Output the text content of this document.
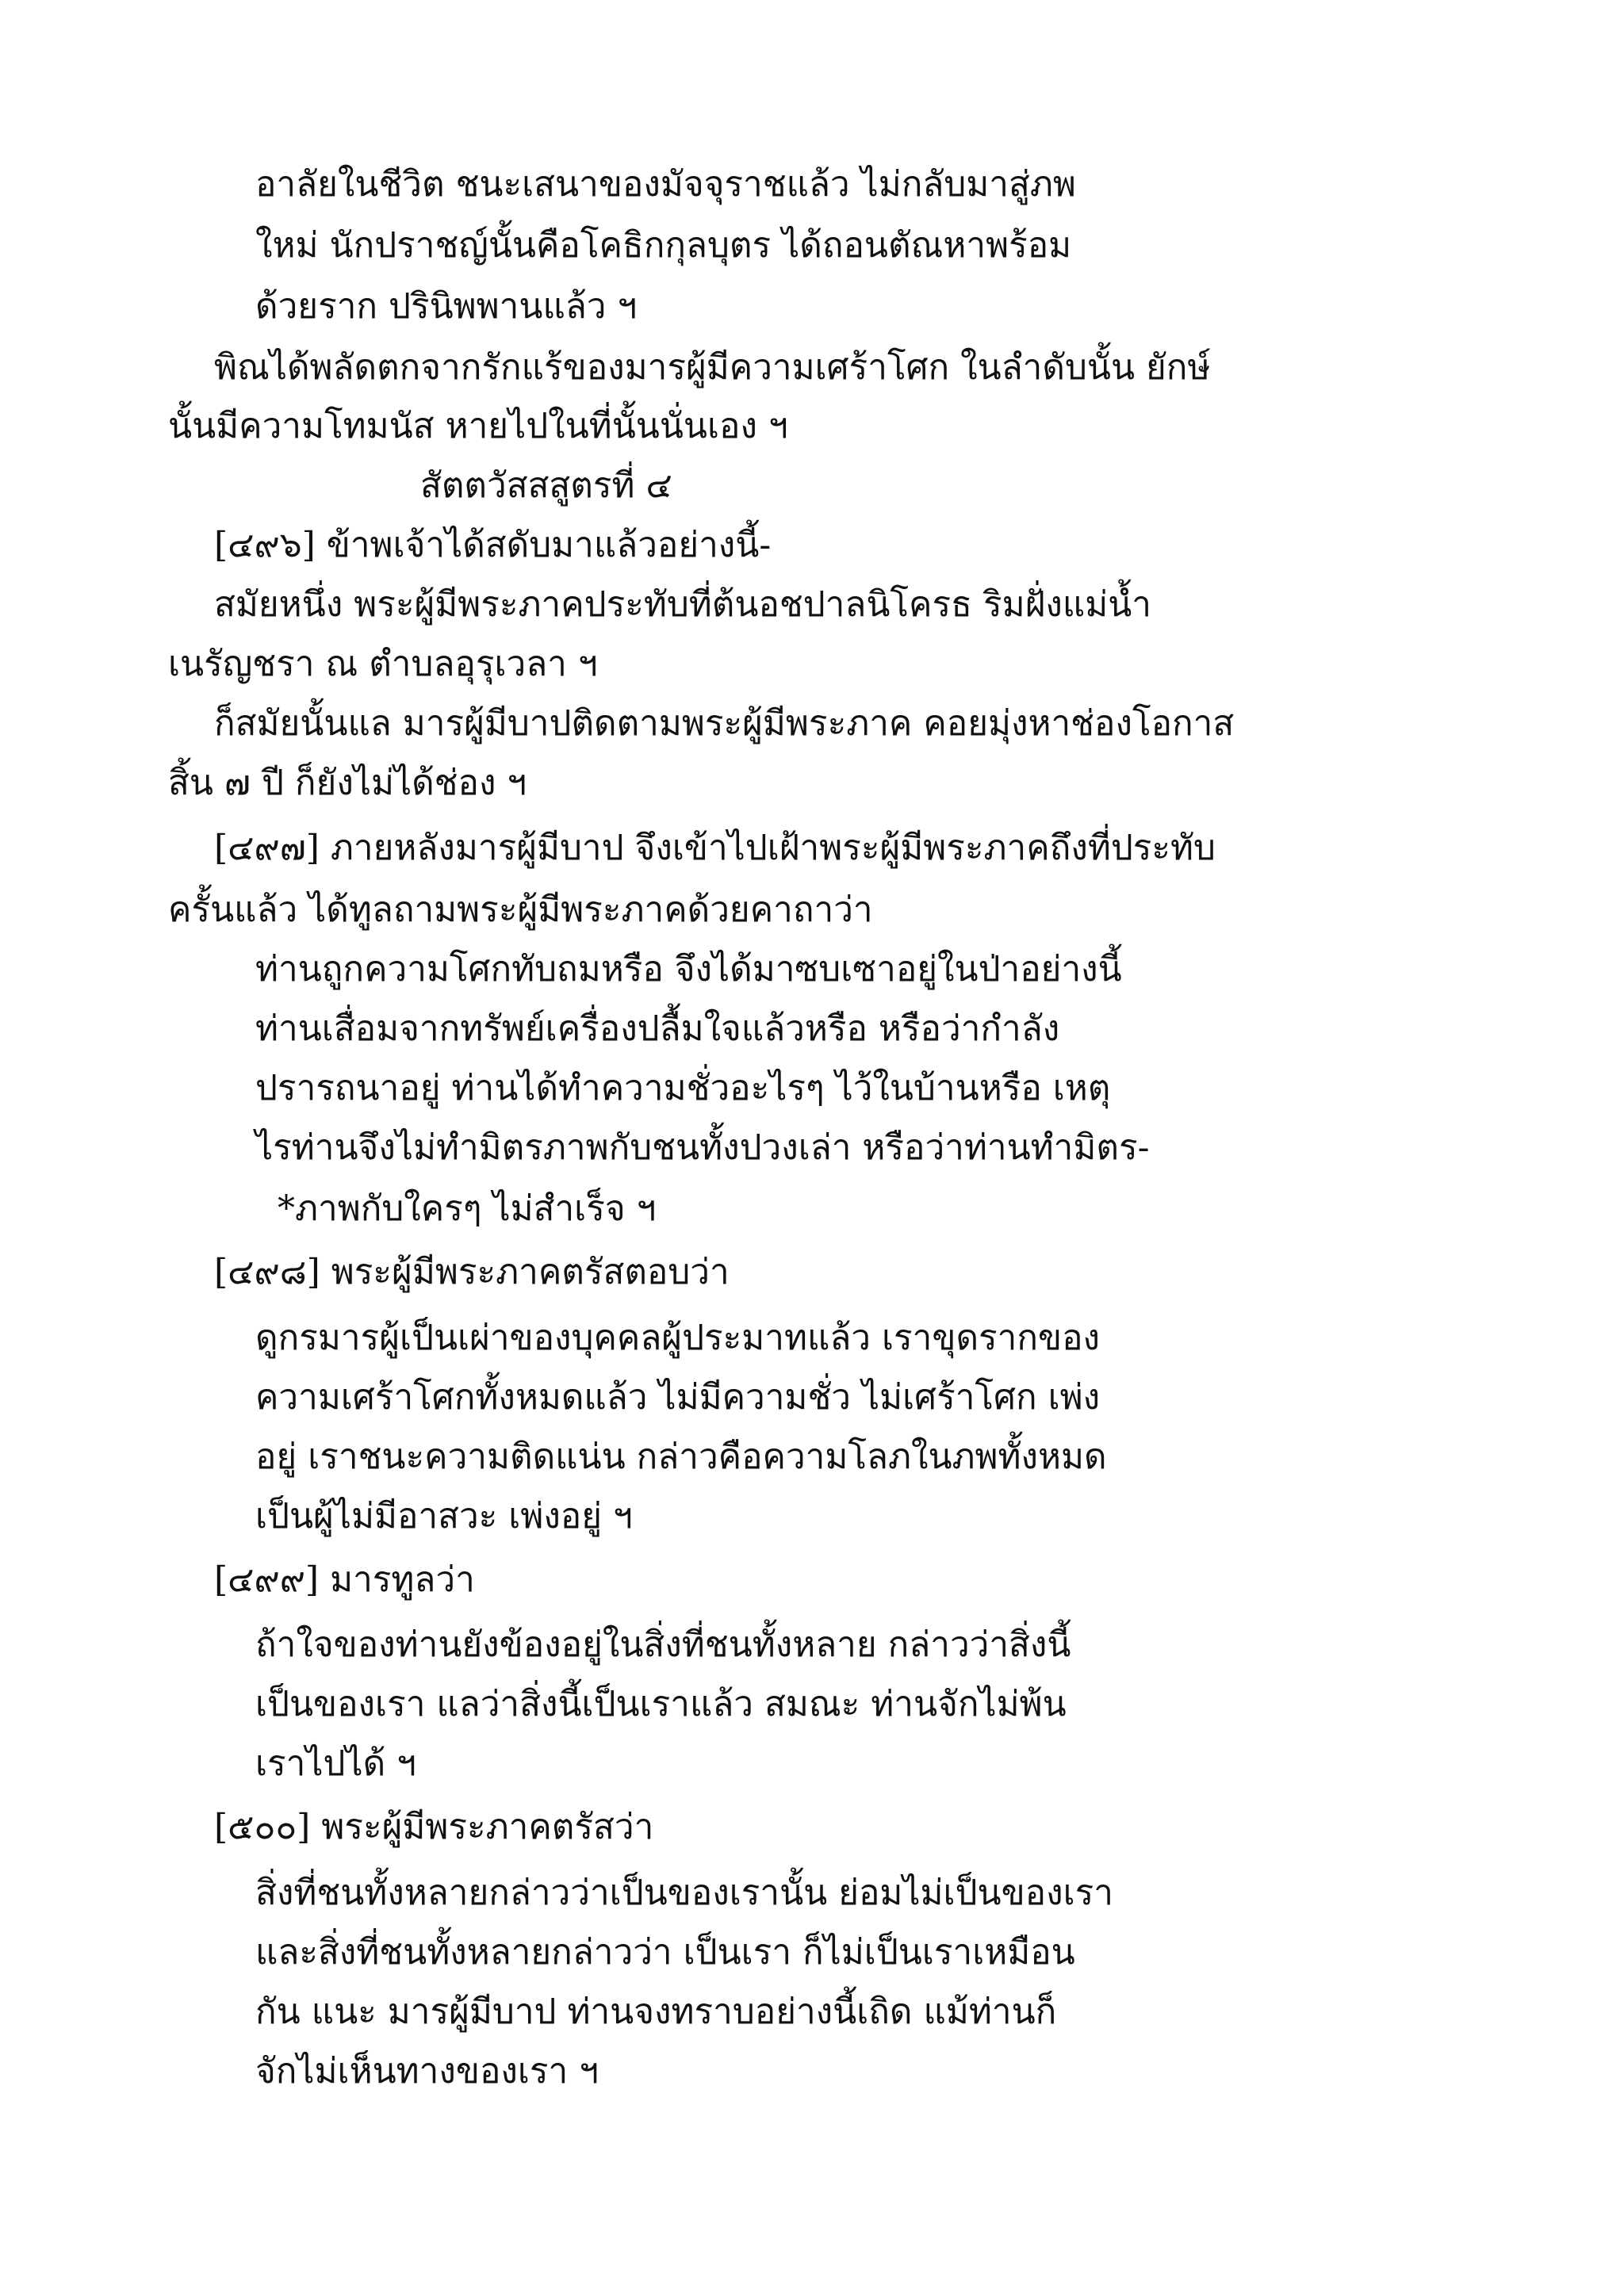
อาลัยในชีวิต ชนะเสนาของมัจจุราชแล้ว ไม่กลับมาสู่ภพ
ใหม่ นักปราชญ์นั้นคือโคธิกกุลบุตร ได้ถอนตัณหาพร้อม
ด้วยราก ปรินิพพานแล้ว ฯ
พิณได้พลัดตกจากรักแร้ของมารผู้มีความเศร้าโศก ในลำดับนั้น ยักษ์
นั้นมีความโทมนัส หายไปในที่นั้นนั่นเอง ฯ
สัตตวัสสสูตรที่ ๔
[๔๙๖] ข้าพเจ้าได้สดับมาแล้วอย่างนี้-
สมัยหนึ่ง พระผู้มีพระภาคประทับที่ต้นอชปาลนิโครธ ริมฝั่งแม่น้ำ
เนรัญชรา ณ ตำบลอุรุเวลา ฯ
ก็สมัยนั้นแล มารผู้มีบาปติดตามพระผู้มีพระภาค คอยมุ่งหาช่องโอกาส
สิ้น ๗ ปี ก็ยังไม่ได้ช่อง ฯ
[๔๙๗] ภายหลังมารผู้มีบาป จึงเข้าไปเฝ้าพระผู้มีพระภาคถึงที่ประทับ
ครั้นแล้ว ได้ทูลถามพระผู้มีพระภาคด้วยคาถาว่า
ท่านถูกความโศกทับถมหรือ จึงได้มาซบเซาอยู่ในป่าอย่างนี้
ท่านเสื่อมจากทรัพย์เครื่องปลื้มใจแล้วหรือ หรือว่ากำลัง
ปรารถนาอยู่ ท่านได้ทำความชั่วอะไรๆ ไว้ในบ้านหรือ เหตุ
ไรท่านจึงไม่ทำมิตรภาพกับชนทั้งปวงเล่า หรือว่าท่านทำมิตร-
*ภาพกับใครๆ ไม่สำเร็จ ฯ
[๔๙๘] พระผู้มีพระภาคตรัสตอบว่า
ดูกรมารผู้เป็นเผ่าของบุคคลผู้ประมาทแล้ว เราขุดรากของ
ความเศร้าโศกทั้งหมดแล้ว ไม่มีความชั่ว ไม่เศร้าโศก เพ่ง
อยู่ เราชนะความติดแน่น กล่าวคือความโลภในภพทั้งหมด
เป็นผู้ไม่มีอาสวะ เพ่งอยู่ ฯ
[๔๙๙] มารทูลว่า
ถ้าใจของท่านยังข้องอยู่ในสิ่งที่ชนทั้งหลาย กล่าวว่าสิ่งนี้
เป็นของเรา แลว่าสิ่งนี้เป็นเราแล้ว สมณะ ท่านจักไม่พ้น
เราไปได้ ฯ
[๕๐๐] พระผู้มีพระภาคตรัสว่า
สิ่งที่ชนทั้งหลายกล่าวว่าเป็นของเรานั้น ย่อมไม่เป็นของเรา
และสิ่งที่ชนทั้งหลายกล่าวว่า เป็นเรา ก็ไม่เป็นเราเหมือน
กัน แนะ มารผู้มีบาป ท่านจงทราบอย่างนี้เถิด แม้ท่านก็
จักไม่เห็นทางของเรา ฯ
